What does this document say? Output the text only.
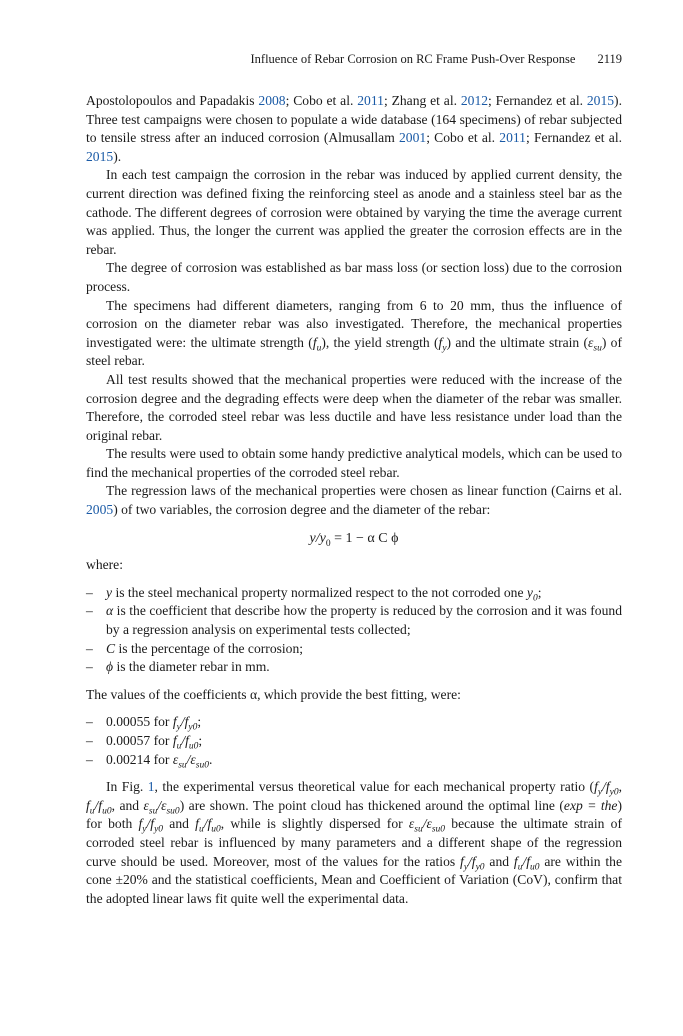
Influence of Rebar Corrosion on RC Frame Push-Over Response 2119

Apostolopoulos and Papadakis 2008; Cobo et al. 2011; Zhang et al. 2012; Fernandez et al. 2015). Three test campaigns were chosen to populate a wide database (164 specimens) of rebar subjected to tensile stress after an induced corrosion (Almusallam 2001; Cobo et al. 2011; Fernandez et al. 2015).

In each test campaign the corrosion in the rebar was induced by applied current density, the current direction was defined fixing the reinforcing steel as anode and a stainless steel bar as the cathode. The different degrees of corrosion were obtained by varying the time the average current was applied. Thus, the longer the current was applied the greater the corrosion effects are in the rebar.

The degree of corrosion was established as bar mass loss (or section loss) due to the corrosion process.

The specimens had different diameters, ranging from 6 to 20 mm, thus the influence of corrosion on the diameter rebar was also investigated. Therefore, the mechanical properties investigated were: the ultimate strength $(f_u)$, the yield strength $(f_y)$ and the ultimate strain $(\varepsilon_{su})$ of steel rebar.

All test results showed that the mechanical properties were reduced with the increase of the corrosion degree and the degrading effects were deep when the diameter of the rebar was smaller. Therefore, the corroded steel rebar was less ductile and have less resistance under load than the original rebar.

The results were used to obtain some handy predictive analytical models, which can be used to find the mechanical properties of the corroded steel rebar.

The regression laws of the mechanical properties were chosen as linear function (Cairns et al. 2005) of two variables, the corrosion degree and the diameter of the rebar:

$y/y_0 = 1 - \alpha$ C ϕ

where:

– y is the steel mechanical property normalized respect to the not corroded one $y_0$;
– α is the coefficient that describe how the property is reduced by the corrosion and it was found by a regression analysis on experimental tests collected;
– C is the percentage of the corrosion;
– ϕ is the diameter rebar in mm.

The values of the coefficients α, which provide the best fitting, were:

– 0.00055 for $f_y/f_{y0}$;
– 0.00057 for $f_u/f_{u0}$;
– 0.00214 for $\varepsilon_{su}/\varepsilon_{su0}$.

In Fig. 1, the experimental versus theoretical value for each mechanical property ratio ($f_y/f_{y0}$, $f_u/f_{u0}$, and $\varepsilon_{su}/\varepsilon_{su0}$) are shown. The point cloud has thickened around the optimal line (exp = the) for both $f_y/f_{y0}$ and $f_u/f_{u0}$, while is slightly dispersed for $\varepsilon_{su}/\varepsilon_{su0}$ because the ultimate strain of corroded steel rebar is influenced by many parameters and a different shape of the regression curve should be used. Moreover, most of the values for the ratios $f_y/f_{y0}$ and $f_u/f_{u0}$ are within the cone ±20% and the statistical coefficients, Mean and Coefficient of Variation (CoV), confirm that the adopted linear laws fit quite well the experimental data.
